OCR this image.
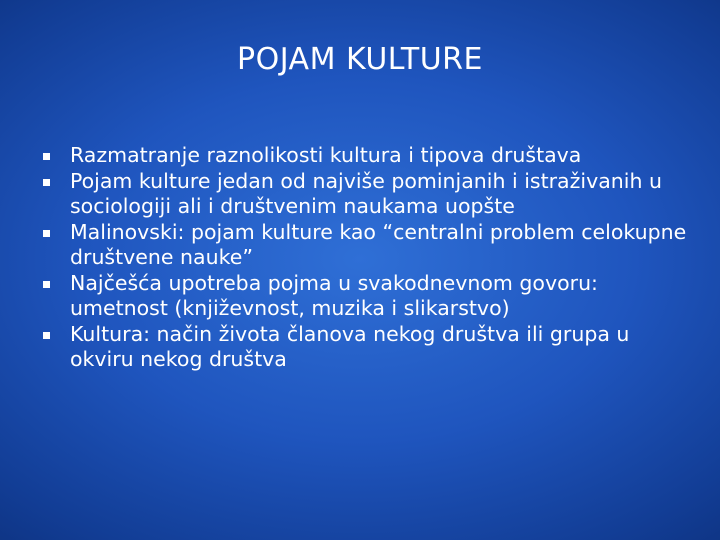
POJAM KULTURE
Razmatranje raznolikosti kultura i tipova društava
Pojam kulture jedan od najviše pominjanih i istraživanih u sociologiji ali i društvenim naukama uopšte
Malinovski: pojam kulture kao “centralni problem celokupne društvene nauke”
Najčešća upotreba pojma u svakodnevnom govoru: umetnost (književnost, muzika i slikarstvo)
Kultura: način života članova nekog društva ili grupa u okviru nekog društva
